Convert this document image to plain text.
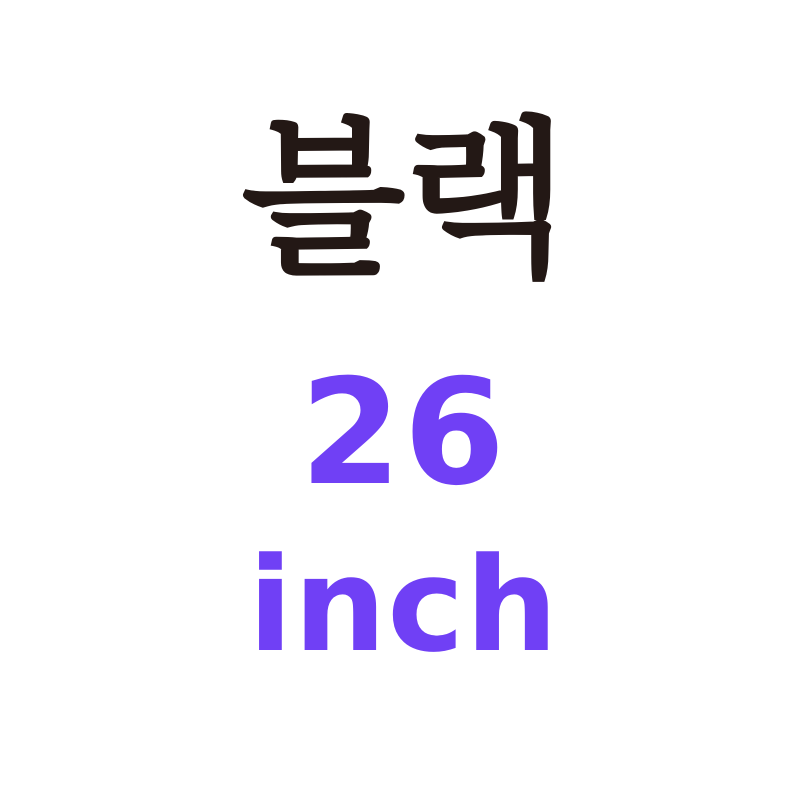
블랙
26
inch
